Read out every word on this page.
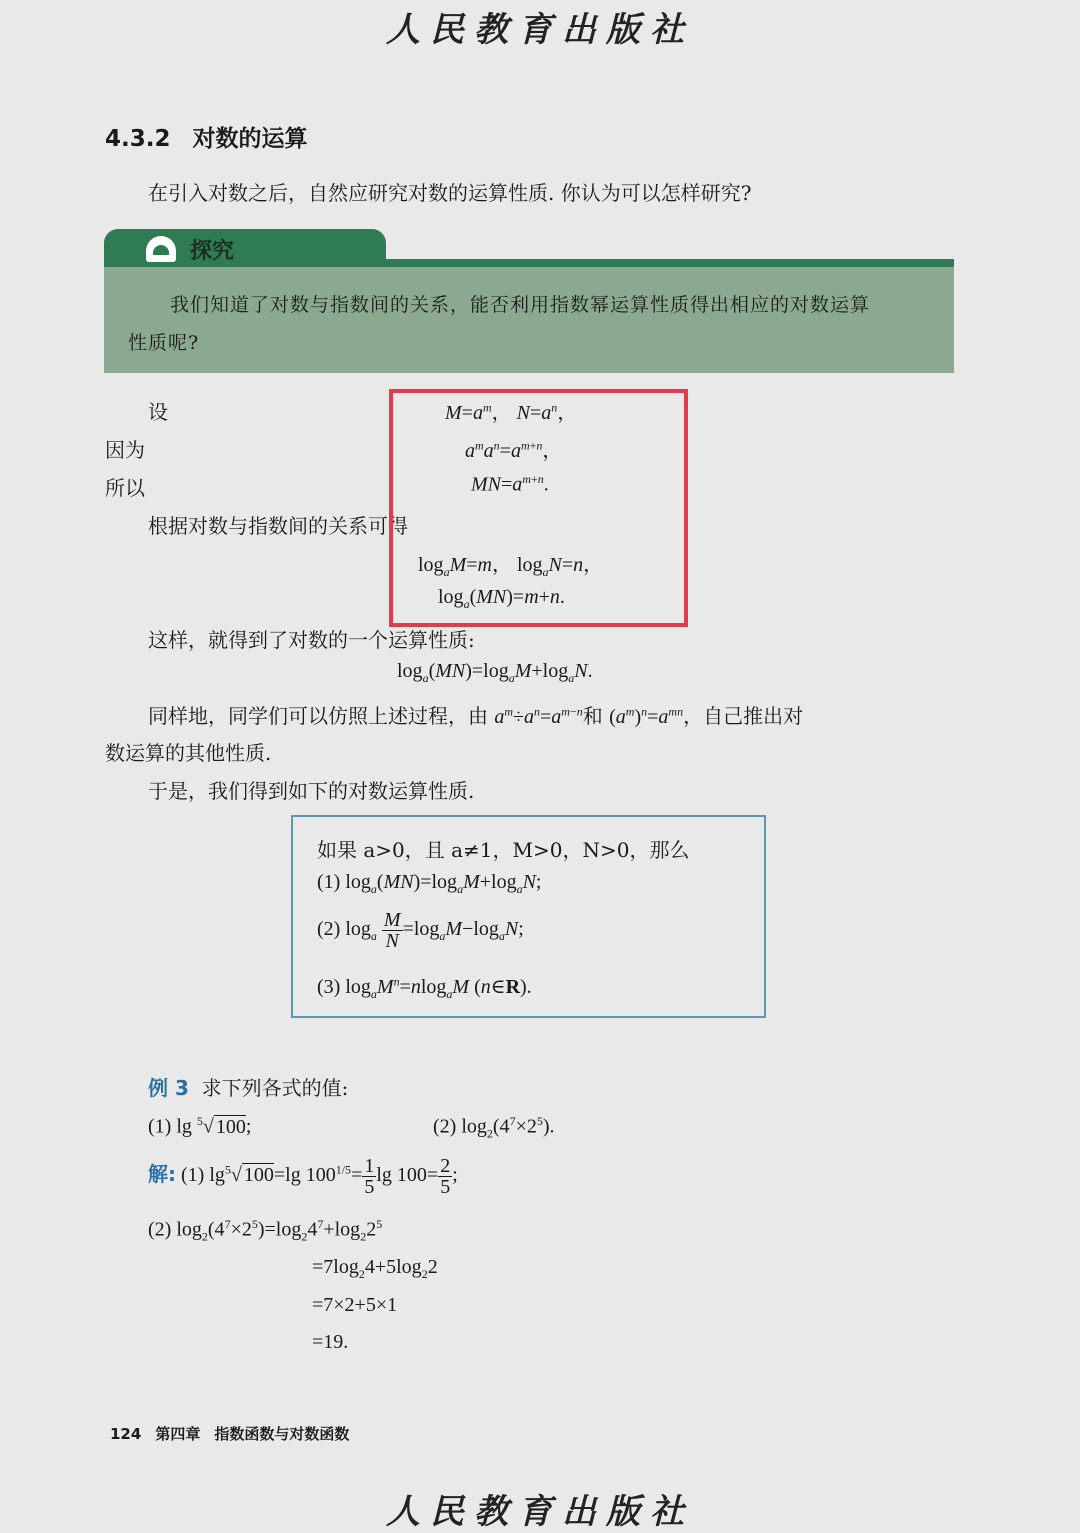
人民教育出版社
4.3.2 对数的运算
在引入对数之后，自然应研究对数的运算性质. 你认为可以怎样研究?
探究
我们知道了对数与指数间的关系，能否利用指数幂运算性质得出相应的对数运算
性质呢?
设	$M=a^m$， $N=a^n$，
因为	$a^ma^n=a^{m+n}$，
所以	$MN=a^{m+n}$.
根据对数与指数间的关系可得
$\log_aM=m$， $\log_aN=n$，
$\log_a(MN)=m+n$.
这样，就得到了对数的一个运算性质:
$\log_a(MN)=\log_aM+\log_aN$.
同样地，同学们可以仿照上述过程，由 $a^m\div a^n=a^{m-n}$和 $(a^m)^n=a^{mn}$，自己推出对
数运算的其他性质.
于是，我们得到如下的对数运算性质.
如果 a>0，且 a≠1，M>0，N>0，那么
(1) $\log_a(MN)=\log_aM+\log_aN$;
(2) $\log_a \frac{M}{N} =\log_aM-\log_aN$;
(3) $\log_aM^n=nlog_aM$ (n∈R).
例 3 求下列各式的值:
(1) lg $^5$√ 100;	(2) $\log_2(4^7\times 2^5)$.
解: (1) $\lg^5√$ 100=lg $100^{1/5}= \frac{1}{5}$ $\lg 100= \frac{2}{5}$ ;
(2) $\log_2(4^7\times 2^5)=\log_24^7+\log_22^5$
$=7\log_24+5\log_22$
=7×2+5×1
=19.
124 第四章 指数函数与对数函数
人民教育出版社
